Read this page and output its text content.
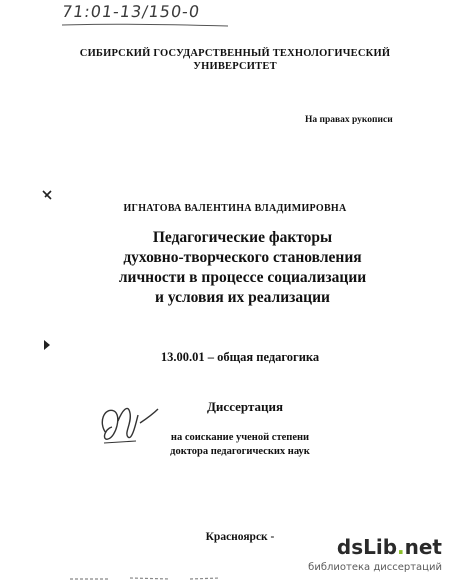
71:01-13/150-0
СИБИРСКИЙ ГОСУДАРСТВЕННЫЙ ТЕХНОЛОГИЧЕСКИЙ
УНИВЕРСИТЕТ
На правах рукописи
ИГНАТОВА ВАЛЕНТИНА ВЛАДИМИРОВНА
Педагогические факторы
духовно-творческого становления
личности в процессе социализации
и условия их реализации
13.00.01 – общая педагогика
Диссертация
на соискание ученой степени
доктора педагогических наук
Красноярск -	dsLib.net
библиотека диссертаций
